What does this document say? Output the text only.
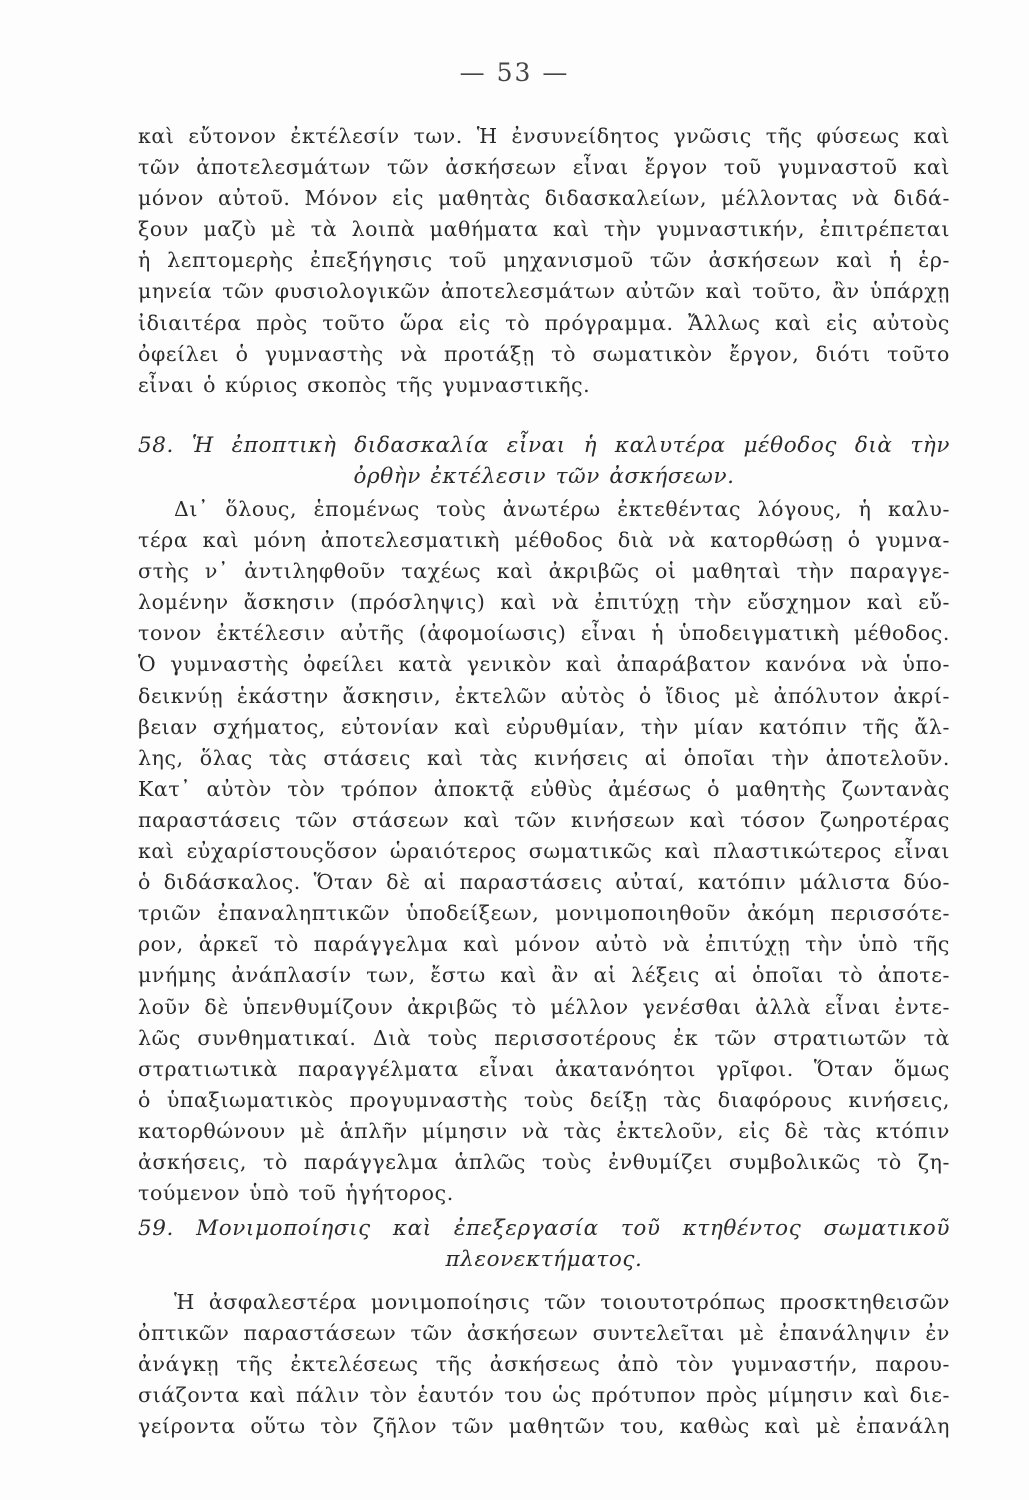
— 53 —
καὶ εὔτονον ἐκτέλεσίν των. Ἡ ἐνσυνείδητος γνῶσις τῆς φύσεως καὶ
τῶν ἀποτελεσμάτων τῶν ἀσκήσεων εἶναι ἔργον τοῦ γυμναστοῦ καὶ
μόνον αὐτοῦ. Μόνον εἰς μαθητὰς διδασκαλείων, μέλλοντας νὰ διδά-
ξουν μαζὺ μὲ τὰ λοιπὰ μαθήματα καὶ τὴν γυμναστικήν, ἐπιτρέπεται
ἡ λεπτομερὴς ἐπεξήγησις τοῦ μηχανισμοῦ τῶν ἀσκήσεων καὶ ἡ ἑρ-
μηνεία τῶν φυσιολογικῶν ἀποτελεσμάτων αὐτῶν καὶ τοῦτο, ἂν ὑπάρχῃ
ἰδιαιτέρα πρὸς τοῦτο ὥρα εἰς τὸ πρόγραμμα. Ἄλλως καὶ εἰς αὐτοὺς
ὀφείλει ὁ γυμναστὴς νὰ προτάξῃ τὸ σωματικὸν ἔργον, διότι τοῦτο
εἶναι ὁ κύριος σκοπὸς τῆς γυμναστικῆς.
58. Ἡ ἐποπτικὴ διδασκαλία εἶναι ἡ καλυτέρα μέθοδος διὰ τὴν
ὀρθὴν ἐκτέλεσιν τῶν ἀσκήσεων.
Δι᾿ ὅλους, ἑπομένως τοὺς ἀνωτέρω ἐκτεθέντας λόγους, ἡ καλυ-
τέρα καὶ μόνη ἀποτελεσματικὴ μέθοδος διὰ νὰ κατορθώσῃ ὁ γυμνα-
στὴς ν᾿ ἀντιληφθοῦν ταχέως καὶ ἀκριβῶς οἱ μαθηταὶ τὴν παραγγε-
λομένην ἄσκησιν (πρόσληψις) καὶ νὰ ἐπιτύχῃ τὴν εὔσχημον καὶ εὔ-
τονον ἐκτέλεσιν αὐτῆς (ἀφομοίωσις) εἶναι ἡ ὑποδειγματικὴ μέθοδος.
Ὁ γυμναστὴς ὀφείλει κατὰ γενικὸν καὶ ἀπαράβατον κανόνα νὰ ὑπο-
δεικνύῃ ἑκάστην ἄσκησιν, ἐκτελῶν αὐτὸς ὁ ἴδιος μὲ ἀπόλυτον ἀκρί-
βειαν σχήματος, εὐτονίαν καὶ εὐρυθμίαν, τὴν μίαν κατόπιν τῆς ἄλ-
λης, ὅλας τὰς στάσεις καὶ τὰς κινήσεις αἱ ὁποῖαι τὴν ἀποτελοῦν.
Κατ᾿ αὐτὸν τὸν τρόπον ἀποκτᾷ εὐθὺς ἀμέσως ὁ μαθητὴς ζωντανὰς
παραστάσεις τῶν στάσεων καὶ τῶν κινήσεων καὶ τόσον ζωηροτέρας
καὶ εὐχαρίστουςὅσον ὡραιότερος σωματικῶς καὶ πλαστικώτερος εἶναι
ὁ διδάσκαλος. Ὅταν δὲ αἱ παραστάσεις αὐταί, κατόπιν μάλιστα δύο-
τριῶν ἐπαναληπτικῶν ὑποδείξεων, μονιμοποιηθοῦν ἀκόμη περισσότε-
ρον, ἀρκεῖ τὸ παράγγελμα καὶ μόνον αὐτὸ νὰ ἐπιτύχῃ τὴν ὑπὸ τῆς
μνήμης ἀνάπλασίν των, ἔστω καὶ ἂν αἱ λέξεις αἱ ὁποῖαι τὸ ἀποτε-
λοῦν δὲ ὑπενθυμίζουν ἀκριβῶς τὸ μέλλον γενέσθαι ἀλλὰ εἶναι ἐντε-
λῶς συνθηματικαί. Διὰ τοὺς περισσοτέρους ἐκ τῶν στρατιωτῶν τὰ
στρατιωτικὰ παραγγέλματα εἶναι ἀκατανόητοι γρῖφοι. Ὅταν ὅμως
ὁ ὑπαξιωματικὸς προγυμναστὴς τοὺς δείξῃ τὰς διαφόρους κινήσεις,
κατορθώνουν μὲ ἁπλῆν μίμησιν νὰ τὰς ἐκτελοῦν, εἰς δὲ τὰς κτόπιν
ἀσκήσεις, τὸ παράγγελμα ἁπλῶς τοὺς ἐνθυμίζει συμβολικῶς τὸ ζη-
τούμενον ὑπὸ τοῦ ἡγήτορος.
59. Μονιμοποίησις καὶ ἐπεξεργασία τοῦ κτηθέντος σωματικοῦ
πλεονεκτήματος.
Ἡ ἀσφαλεστέρα μονιμοποίησις τῶν τοιουτοτρόπως προσκτηθεισῶν
ὀπτικῶν παραστάσεων τῶν ἀσκήσεων συντελεῖται μὲ ἐπανάληψιν ἐν
ἀνάγκῃ τῆς ἐκτελέσεως τῆς ἀσκήσεως ἀπὸ τὸν γυμναστήν, παρου-
σιάζοντα καὶ πάλιν τὸν ἑαυτόν του ὡς πρότυπον πρὸς μίμησιν καὶ διε-
γείροντα οὕτω τὸν ζῆλον τῶν μαθητῶν του, καθὼς καὶ μὲ ἐπανάλη
